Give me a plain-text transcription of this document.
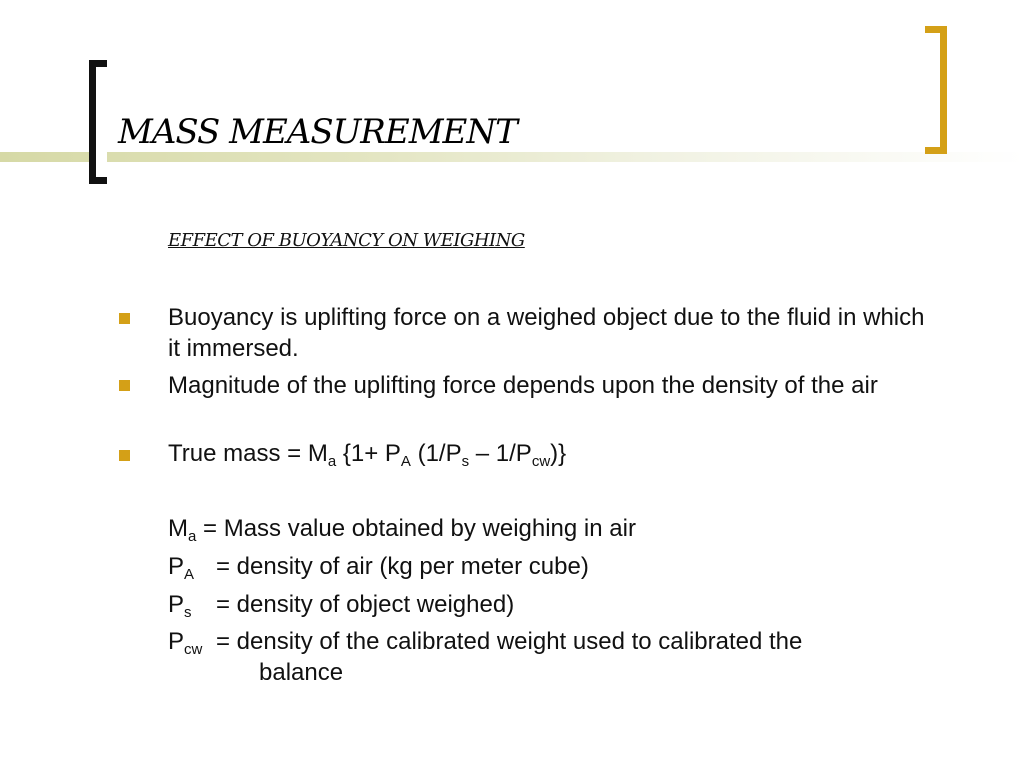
MASS MEASUREMENT
EFFECT OF BUOYANCY ON WEIGHING
Buoyancy is uplifting force on a weighed object due to the fluid in which it immersed.
Magnitude of the uplifting force depends upon the density of the air
True mass = $M_a$ {$1+ P_A$ $(1/P_s - 1/P_{cw})$}
$M_a$ = Mass value obtained by weighing in air
$P_A$ = density of air (kg per meter cube)
$P_s$ = density of object weighed)
$P_{cw}$ = density of the calibrated weight used to calibrated the
balance
